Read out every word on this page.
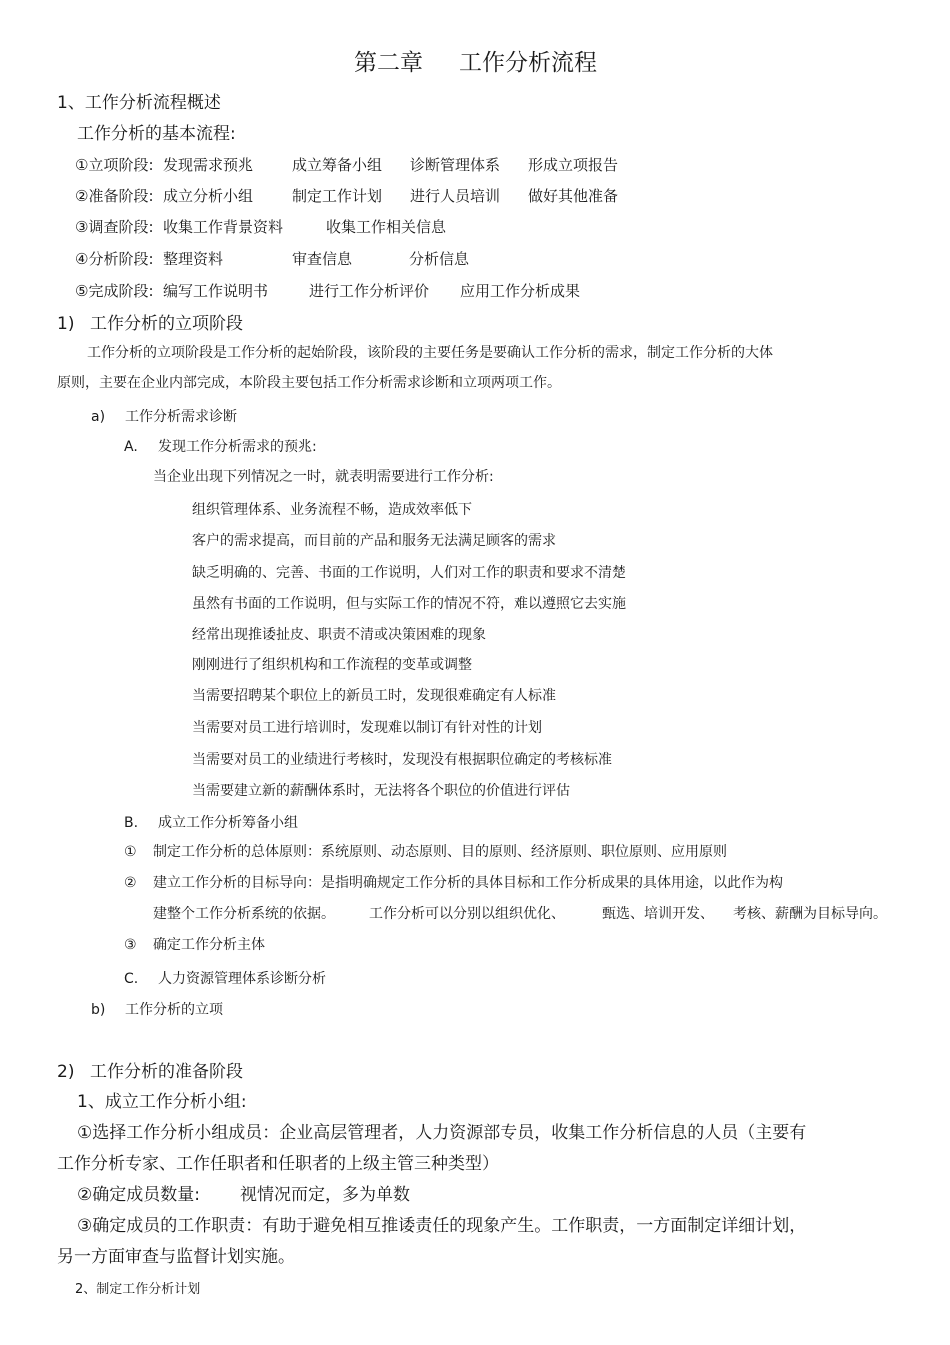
第二章 工作分析流程
1、工作分析流程概述
工作分析的基本流程:
①立项阶段: 发现需求预兆	成立筹备小组 诊断管理体系 形成立项报告
②准备阶段: 成立分析小组	制定工作计划 进行人员培训 做好其他准备
③调查阶段: 收集工作背景资料	收集工作相关信息
④分析阶段: 整理资料	审查信息	分析信息
⑤完成阶段: 编写工作说明书	进行工作分析评价 应用工作分析成果
1) 工作分析的立项阶段
工作分析的立项阶段是工作分析的起始阶段，该阶段的主要任务是要确认工作分析的需求，制定工作分析的大体
原则，主要在企业内部完成，本阶段主要包括工作分析需求诊断和立项两项工作。
a) 工作分析需求诊断
A. 发现工作分析需求的预兆:
当企业出现下列情况之一时，就表明需要进行工作分析:
组织管理体系、业务流程不畅，造成效率低下
客户的需求提高，而目前的产品和服务无法满足顾客的需求
缺乏明确的、完善、书面的工作说明，人们对工作的职责和要求不清楚
虽然有书面的工作说明，但与实际工作的情况不符，难以遵照它去实施
经常出现推诿扯皮、职责不清或决策困难的现象
刚刚进行了组织机构和工作流程的变革或调整
当需要招聘某个职位上的新员工时，发现很难确定有人标准
当需要对员工进行培训时，发现难以制订有针对性的计划
当需要对员工的业绩进行考核时，发现没有根据职位确定的考核标准
当需要建立新的薪酬体系时，无法将各个职位的价值进行评估
B. 成立工作分析筹备小组
① 制定工作分析的总体原则：系统原则、动态原则、目的原则、经济原则、职位原则、应用原则
② 建立工作分析的目标导向：是指明确规定工作分析的具体目标和工作分析成果的具体用途，以此作为构
建整个工作分析系统的依据。 工作分析可以分别以组织优化、	甄选、培训开发、 考核、薪酬为目标导向。
③ 确定工作分析主体
C. 人力资源管理体系诊断分析
b) 工作分析的立项
2) 工作分析的准备阶段
1、成立工作分析小组:
①选择工作分析小组成员：企业高层管理者，人力资源部专员，收集工作分析信息的人员（主要有
工作分析专家、工作任职者和任职者的上级主管三种类型）
②确定成员数量: 视情况而定，多为单数
③确定成员的工作职责：有助于避免相互推诿责任的现象产生。工作职责，一方面制定详细计划，
另一方面审查与监督计划实施。
2、制定工作分析计划
